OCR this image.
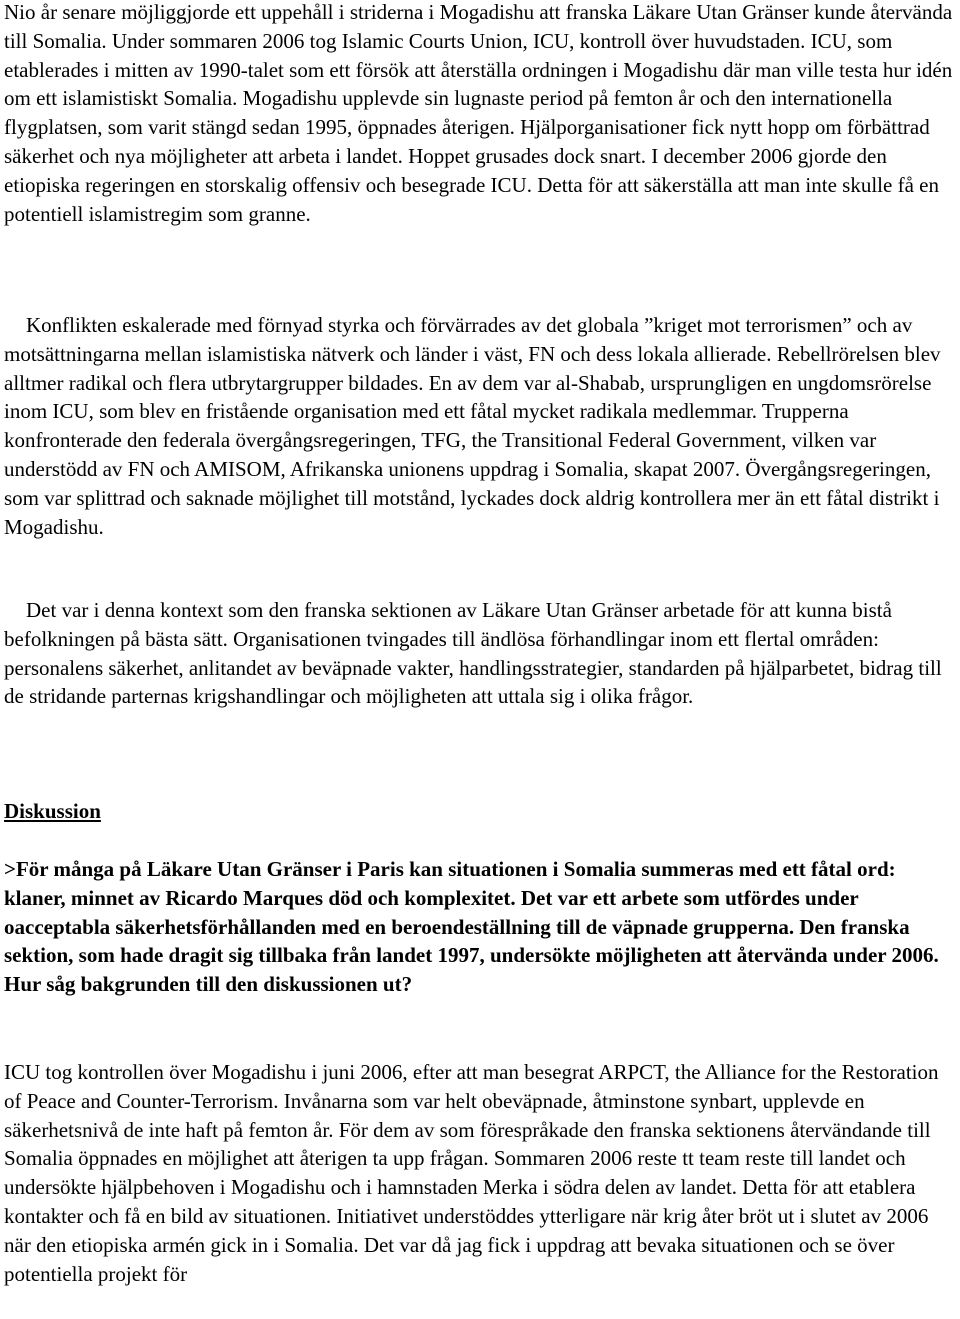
Nio år senare möjliggjorde ett uppehåll i striderna i Mogadishu att franska Läkare Utan Gränser kunde återvända till Somalia. Under sommaren 2006 tog Islamic Courts Union, ICU, kontroll över huvudstaden. ICU, som etablerades i mitten av 1990-talet som ett försök att återställa ordningen i Mogadishu där man ville testa hur idén om ett islamistiskt Somalia. Mogadishu upplevde sin lugnaste period på femton år och den internationella flygplatsen, som varit stängd sedan 1995, öppnades återigen. Hjälporganisationer fick nytt hopp om förbättrad säkerhet och nya möjligheter att arbeta i landet. Hoppet grusades dock snart. I december 2006 gjorde den etiopiska regeringen en storskalig offensiv och besegrade ICU. Detta för att säkerställa att man inte skulle få en potentiell islamistregim som granne.

Konflikten eskalerade med förnyad styrka och förvärrades av det globala ”kriget mot terrorismen” och av motsättningarna mellan islamistiska nätverk och länder i väst, FN och dess lokala allierade. Rebellrörelsen blev alltmer radikal och flera utbrytargrupper bildades. En av dem var al-Shabab, ursprungligen en ungdomsrörelse inom ICU, som blev en fristående organisation med ett fåtal mycket radikala medlemmar. Trupperna konfronterade den federala övergångsregeringen, TFG, the Transitional Federal Government, vilken var understödd av FN och AMISOM, Afrikanska unionens uppdrag i Somalia, skapat 2007. Övergångsregeringen, som var splittrad och saknade möjlighet till motstånd, lyckades dock aldrig kontrollera mer än ett fåtal distrikt i Mogadishu.

Det var i denna kontext som den franska sektionen av Läkare Utan Gränser arbetade för att kunna bistå befolkningen på bästa sätt. Organisationen tvingades till ändlösa förhandlingar inom ett flertal områden: personalens säkerhet, anlitandet av beväpnade vakter, handlingsstrategier, standarden på hjälparbetet, bidrag till de stridande parternas krigshandlingar och möjligheten att uttala sig i olika frågor.

Diskussion

>För många på Läkare Utan Gränser i Paris kan situationen i Somalia summeras med ett fåtal ord: klaner, minnet av Ricardo Marques död och komplexitet. Det var ett arbete som utfördes under oacceptabla säkerhetsförhållanden med en beroendeställning till de väpnade grupperna. Den franska sektion, som hade dragit sig tillbaka från landet 1997, undersökte möjligheten att återvända under 2006. Hur såg bakgrunden till den diskussionen ut?

ICU tog kontrollen över Mogadishu i juni 2006, efter att man besegrat ARPCT, the Alliance for the Restoration of Peace and Counter-Terrorism. Invånarna som var helt obeväpnade, åtminstone synbart, upplevde en säkerhetsnivå de inte haft på femton år. För dem av som förespråkade den franska sektionens återvändande till Somalia öppnades en möjlighet att återigen ta upp frågan. Sommaren 2006 reste tt team reste till landet och undersökte hjälpbehoven i Mogadishu och i hamnstaden Merka i södra delen av landet. Detta för att etablera kontakter och få en bild av situationen. Initiativet understöddes ytterligare när krig åter bröt ut i slutet av 2006 när den etiopiska armén gick in i Somalia. Det var då jag fick i uppdrag att bevaka situationen och se över potentiella projekt för
